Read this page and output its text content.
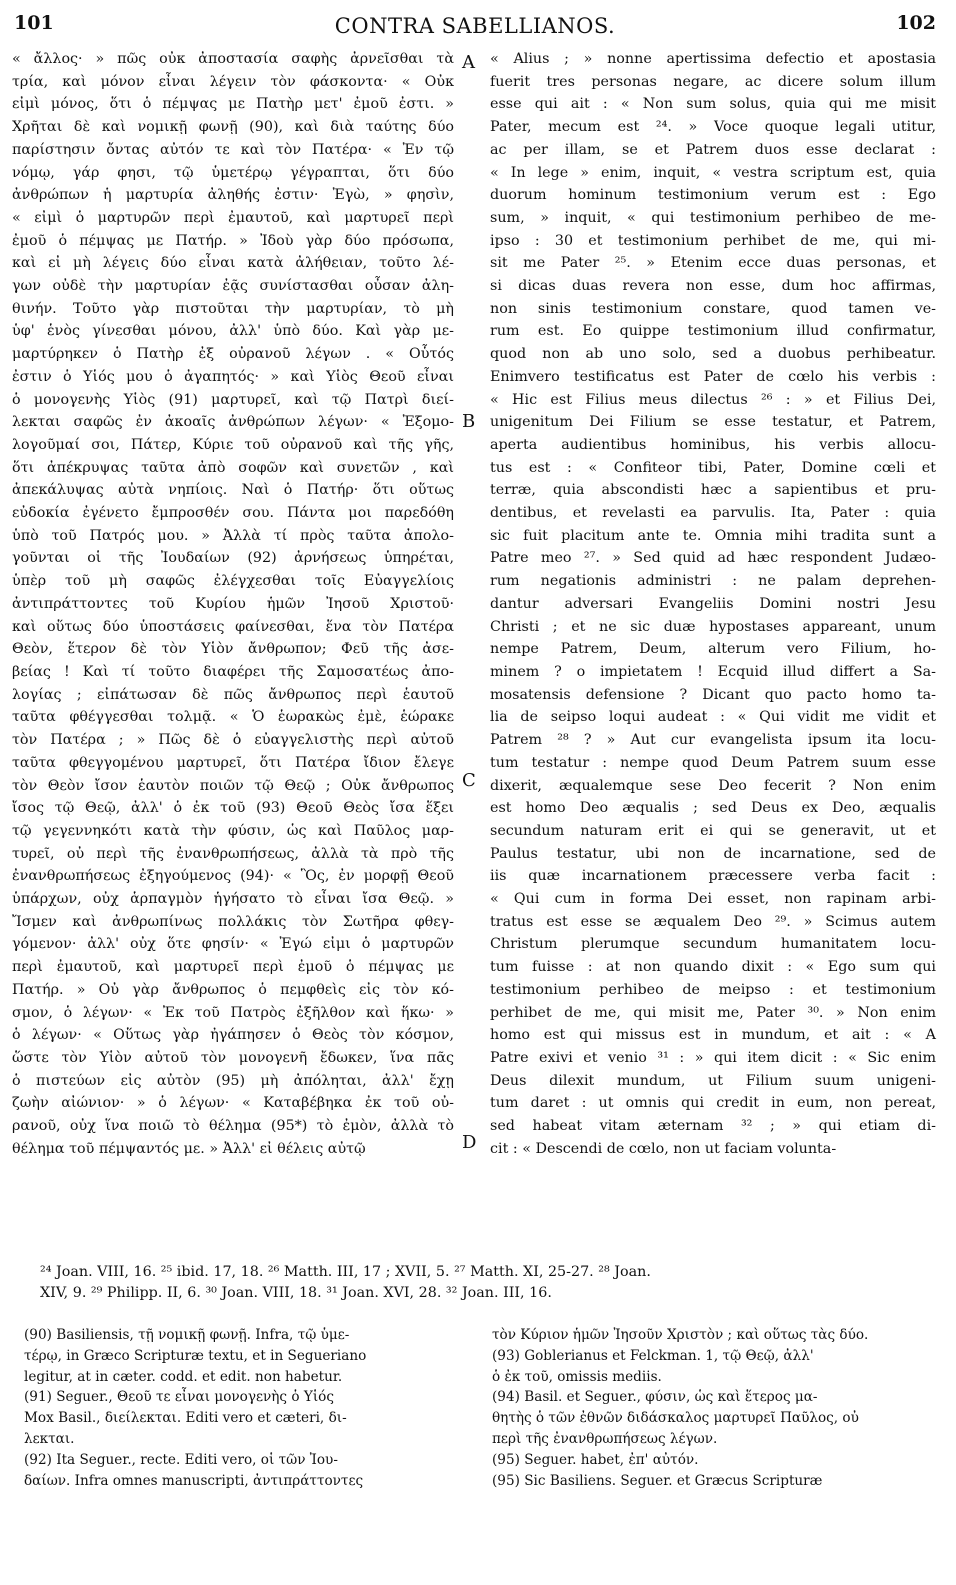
101	CONTRA SABELLIANOS.	102
« ἄλλος· » πῶς οὐκ ἀποστασία σαφὴς ἀρνεῖσθαι τὰ
τρία, καὶ μόνον εἶναι λέγειν τὸν φάσκοντα· « Οὐκ
εἰμὶ μόνος, ὅτι ὁ πέμψας με Πατὴρ μετ' ἐμοῦ ἐστι. »
Χρῆται δὲ καὶ νομικῇ φωνῇ (90), καὶ διὰ ταύτης δύο
παρίστησιν ὄντας αὐτόν τε καὶ τὸν Πατέρα· « Ἐν τῷ
νόμῳ, γάρ φησι, τῷ ὑμετέρῳ γέγραπται, ὅτι δύο
ἀνθρώπων ἡ μαρτυρία ἀληθής ἐστιν· Ἐγὼ, » φησὶν,
« εἰμὶ ὁ μαρτυρῶν περὶ ἐμαυτοῦ, καὶ μαρτυρεῖ περὶ
ἐμοῦ ὁ πέμψας με Πατήρ. » Ἰδοὺ γὰρ δύο πρόσωπα,
καὶ εἰ μὴ λέγεις δύο εἶναι κατὰ ἀλήθειαν, τοῦτο λέ-
γων οὐδὲ τὴν μαρτυρίαν ἐᾷς συνίστασθαι οὖσαν ἀλη-
θινήν. Τοῦτο γὰρ πιστοῦται τὴν μαρτυρίαν, τὸ μὴ
ὑφ' ἑνὸς γίνεσθαι μόνου, ἀλλ' ὑπὸ δύο. Καὶ γὰρ με-
μαρτύρηκεν ὁ Πατὴρ ἐξ οὐρανοῦ λέγων . « Οὗτός
ἐστιν ὁ Υἱός μου ὁ ἀγαπητός· » καὶ Υἱὸς Θεοῦ εἶναι
ὁ μονογενὴς Υἱὸς (91) μαρτυρεῖ, καὶ τῷ Πατρὶ διεί-
λεκται σαφῶς ἐν ἀκοαῖς ἀνθρώπων λέγων· « Ἐξομο-
λογοῦμαί σοι, Πάτερ, Κύριε τοῦ οὐρανοῦ καὶ τῆς γῆς,
ὅτι ἀπέκρυψας ταῦτα ἀπὸ σοφῶν καὶ συνετῶν , καὶ
ἀπεκάλυψας αὐτὰ νηπίοις. Ναὶ ὁ Πατήρ· ὅτι οὕτως
εὐδοκία ἐγένετο ἔμπροσθέν σου. Πάντα μοι παρεδόθη
ὑπὸ τοῦ Πατρός μου. » Ἀλλὰ τί πρὸς ταῦτα ἀπολο-
γοῦνται οἱ τῆς Ἰουδαίων (92) ἀρνήσεως ὑπηρέται,
ὑπὲρ τοῦ μὴ σαφῶς ἐλέγχεσθαι τοῖς Εὐαγγελίοις
ἀντιπράττοντες τοῦ Κυρίου ἡμῶν Ἰησοῦ Χριστοῦ·
καὶ οὕτως δύο ὑποστάσεις φαίνεσθαι, ἕνα τὸν Πατέρα
Θεὸν, ἕτερον δὲ τὸν Υἱὸν ἄνθρωπον; Φεῦ τῆς ἀσε-
βείας ! Καὶ τί τοῦτο διαφέρει τῆς Σαμοσατέως ἀπο-
λογίας ; εἰπάτωσαν δὲ πῶς ἄνθρωπος περὶ ἑαυτοῦ
ταῦτα φθέγγεσθαι τολμᾷ. « Ὁ ἑωρακὼς ἐμὲ, ἑώρακε
τὸν Πατέρα ; » Πῶς δὲ ὁ εὐαγγελιστὴς περὶ αὐτοῦ
ταῦτα φθεγγομένου μαρτυρεῖ, ὅτι Πατέρα ἴδιον ἔλεγε
τὸν Θεὸν ἴσον ἑαυτὸν ποιῶν τῷ Θεῷ ; Οὐκ ἄνθρωπος
ἴσος τῷ Θεῷ, ἀλλ' ὁ ἐκ τοῦ (93) Θεοῦ Θεὸς ἴσα ἕξει
τῷ γεγεννηκότι κατὰ τὴν φύσιν, ὡς καὶ Παῦλος μαρ-
τυρεῖ, οὐ περὶ τῆς ἐνανθρωπήσεως, ἀλλὰ τὰ πρὸ τῆς
ἐνανθρωπήσεως ἐξηγούμενος (94)· « Ὃς, ἐν μορφῇ Θεοῦ
ὑπάρχων, οὐχ ἁρπαγμὸν ἡγήσατο τὸ εἶναι ἴσα Θεῷ. »
Ἴσμεν καὶ ἀνθρωπίνως πολλάκις τὸν Σωτῆρα φθεγ-
γόμενον· ἀλλ' οὐχ ὅτε φησίν· « Ἐγώ εἰμι ὁ μαρτυρῶν
περὶ ἐμαυτοῦ, καὶ μαρτυρεῖ περὶ ἐμοῦ ὁ πέμψας με
Πατήρ. » Οὐ γὰρ ἄνθρωπος ὁ πεμφθεὶς εἰς τὸν κό-
σμον, ὁ λέγων· « Ἐκ τοῦ Πατρὸς ἐξῆλθον καὶ ἥκω· »
ὁ λέγων· « Οὕτως γὰρ ἠγάπησεν ὁ Θεὸς τὸν κόσμον,
ὥστε τὸν Υἱὸν αὐτοῦ τὸν μονογενῆ ἔδωκεν, ἵνα πᾶς
ὁ πιστεύων εἰς αὐτὸν (95) μὴ ἀπόληται, ἀλλ' ἔχῃ
ζωὴν αἰώνιον· » ὁ λέγων· « Καταβέβηκα ἐκ τοῦ οὐ-
ρανοῦ, οὐχ ἵνα ποιῶ τὸ θέλημα (95*) τὸ ἐμὸν, ἀλλὰ τὸ
θέλημα τοῦ πέμψαντός με. » Ἀλλ' εἰ θέλεις αὐτῷ
A
B
C
D
« Alius ; » nonne apertissima defectio et apostasia
fuerit tres personas negare, ac dicere solum illum
esse qui ait : « Non sum solus, quia qui me misit
Pater, mecum est ²⁴. » Voce quoque legali utitur,
ac per illam, se et Patrem duos esse declarat :
« In lege » enim, inquit, « vestra scriptum est, quia
duorum hominum testimonium verum est : Ego
sum, » inquit, « qui testimonium perhibeo de me-
ipso : 30 et testimonium perhibet de me, qui mi-
sit me Pater ²⁵. » Etenim ecce duas personas, et
si dicas duas revera non esse, dum hoc affirmas,
non sinis testimonium constare, quod tamen ve-
rum est. Eo quippe testimonium illud confirmatur,
quod non ab uno solo, sed a duobus perhibeatur.
Enimvero testificatus est Pater de cœlo his verbis :
« Hic est Filius meus dilectus ²⁶ : » et Filius Dei,
unigenitum Dei Filium se esse testatur, et Patrem,
aperta audientibus hominibus, his verbis allocu-
tus est : « Confiteor tibi, Pater, Domine cœli et
terræ, quia abscondisti hæc a sapientibus et pru-
dentibus, et revelasti ea parvulis. Ita, Pater : quia
sic fuit placitum ante te. Omnia mihi tradita sunt a
Patre meo ²⁷. » Sed quid ad hæc respondent Judæo-
rum negationis administri : ne palam deprehen-
dantur adversari Evangeliis Domini nostri Jesu
Christi ; et ne sic duæ hypostases appareant, unum
nempe Patrem, Deum, alterum vero Filium, ho-
minem ? o impietatem ! Ecquid illud differt a Sa-
mosatensis defensione ? Dicant quo pacto homo ta-
lia de seipso loqui audeat : « Qui vidit me vidit et
Patrem ²⁸ ? » Aut cur evangelista ipsum ita locu-
tum testatur : nempe quod Deum Patrem suum esse
dixerit, æqualemque sese Deo fecerit ? Non enim
est homo Deo æqualis ; sed Deus ex Deo, æqualis
secundum naturam erit ei qui se generavit, ut et
Paulus testatur, ubi non de incarnatione, sed de
iis quæ incarnationem præcessere verba facit :
« Qui cum in forma Dei esset, non rapinam arbi-
tratus est esse se æqualem Deo ²⁹. » Scimus autem
Christum plerumque secundum humanitatem locu-
tum fuisse : at non quando dixit : « Ego sum qui
testimonium perhibeo de meipso : et testimonium
perhibet de me, qui misit me, Pater ³⁰. » Non enim
homo est qui missus est in mundum, et ait : « A
Patre exivi et venio ³¹ : » qui item dicit : « Sic enim
Deus dilexit mundum, ut Filium suum unigeni-
tum daret : ut omnis qui credit in eum, non pereat,
sed habeat vitam æternam ³² ; » qui etiam di-
cit : « Descendi de cœlo, non ut faciam volunta-
²⁴ Joan. VIII, 16. ²⁵ ibid. 17, 18. ²⁶ Matth. III, 17 ; XVII, 5. ²⁷ Matth. XI, 25-27. ²⁸ Joan.
XIV, 9. ²⁹ Philipp. II, 6. ³⁰ Joan. VIII, 18. ³¹ Joan. XVI, 28. ³² Joan. III, 16.
(90) Basiliensis, τῇ νομικῇ φωνῇ. Infra, τῷ ὑμε-
τέρῳ, in Græco Scripturæ textu, et in Segueriano
legitur, at in cæter. codd. et edit. non habetur.
(91) Seguer., Θεοῦ τε εἶναι μονογενὴς ὁ Υἱός
Mox Basil., διείλεκται. Editi vero et cæteri, δι-
λεκται.
(92) Ita Seguer., recte. Editi vero, οἱ τῶν Ἰου-
δαίων. Infra omnes manuscripti, ἀντιπράττοντες
τὸν Κύριον ἡμῶν Ἰησοῦν Χριστὸν ; καὶ οὕτως τὰς δύο.
(93) Goblerianus et Felckman. 1, τῷ Θεῷ, ἀλλ'
ὁ ἐκ τοῦ, omissis mediis.
(94) Basil. et Seguer., φύσιν, ὡς καὶ ἕτερος μα-
θητὴς ὁ τῶν ἐθνῶν διδάσκαλος μαρτυρεῖ Παῦλος, οὐ
περὶ τῆς ἐνανθρωπήσεως λέγων.
(95) Seguer. habet, ἐπ' αὐτόν.
(95) Sic Basiliens. Seguer. et Græcus Scripturæ
